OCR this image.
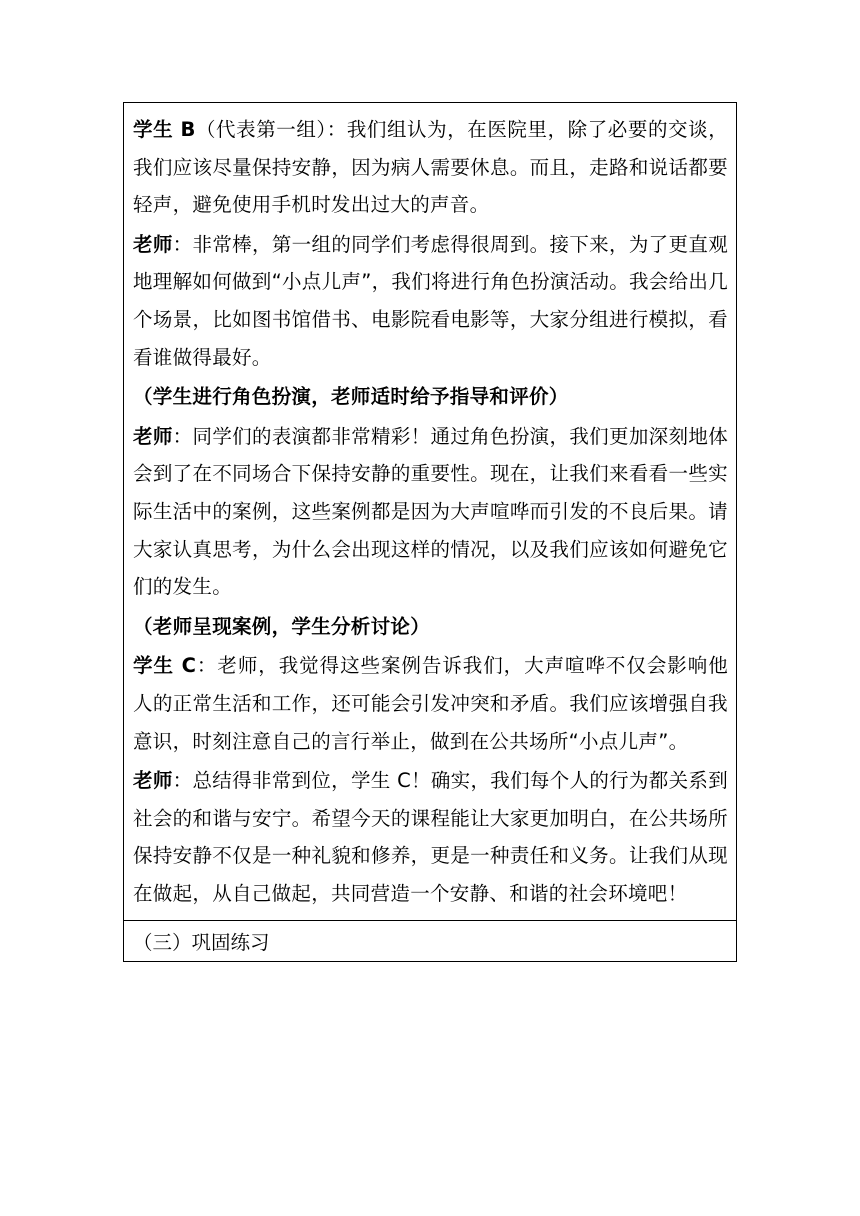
学生 B（代表第一组）：我们组认为，在医院里，除了必要的交谈，我们应该尽量保持安静，因为病人需要休息。而且，走路和说话都要轻声，避免使用手机时发出过大的声音。

老师：非常棒，第一组的同学们考虑得很周到。接下来，为了更直观地理解如何做到“小点儿声”，我们将进行角色扮演活动。我会给出几个场景，比如图书馆借书、电影院看电影等，大家分组进行模拟，看看谁做得最好。

（学生进行角色扮演，老师适时给予指导和评价）

老师：同学们的表演都非常精彩！通过角色扮演，我们更加深刻地体会到了在不同场合下保持安静的重要性。现在，让我们来看看一些实际生活中的案例，这些案例都是因为大声喧哗而引发的不良后果。请大家认真思考，为什么会出现这样的情况，以及我们应该如何避免它们的发生。

（老师呈现案例，学生分析讨论）

学生 C：老师，我觉得这些案例告诉我们，大声喧哗不仅会影响他人的正常生活和工作，还可能会引发冲突和矛盾。我们应该增强自我意识，时刻注意自己的言行举止，做到在公共场所“小点儿声”。

老师：总结得非常到位，学生 C！确实，我们每个人的行为都关系到社会的和谐与安宁。希望今天的课程能让大家更加明白，在公共场所保持安静不仅是一种礼貌和修养，更是一种责任和义务。让我们从现在做起，从自己做起，共同营造一个安静、和谐的社会环境吧！

（三）巩固练习
